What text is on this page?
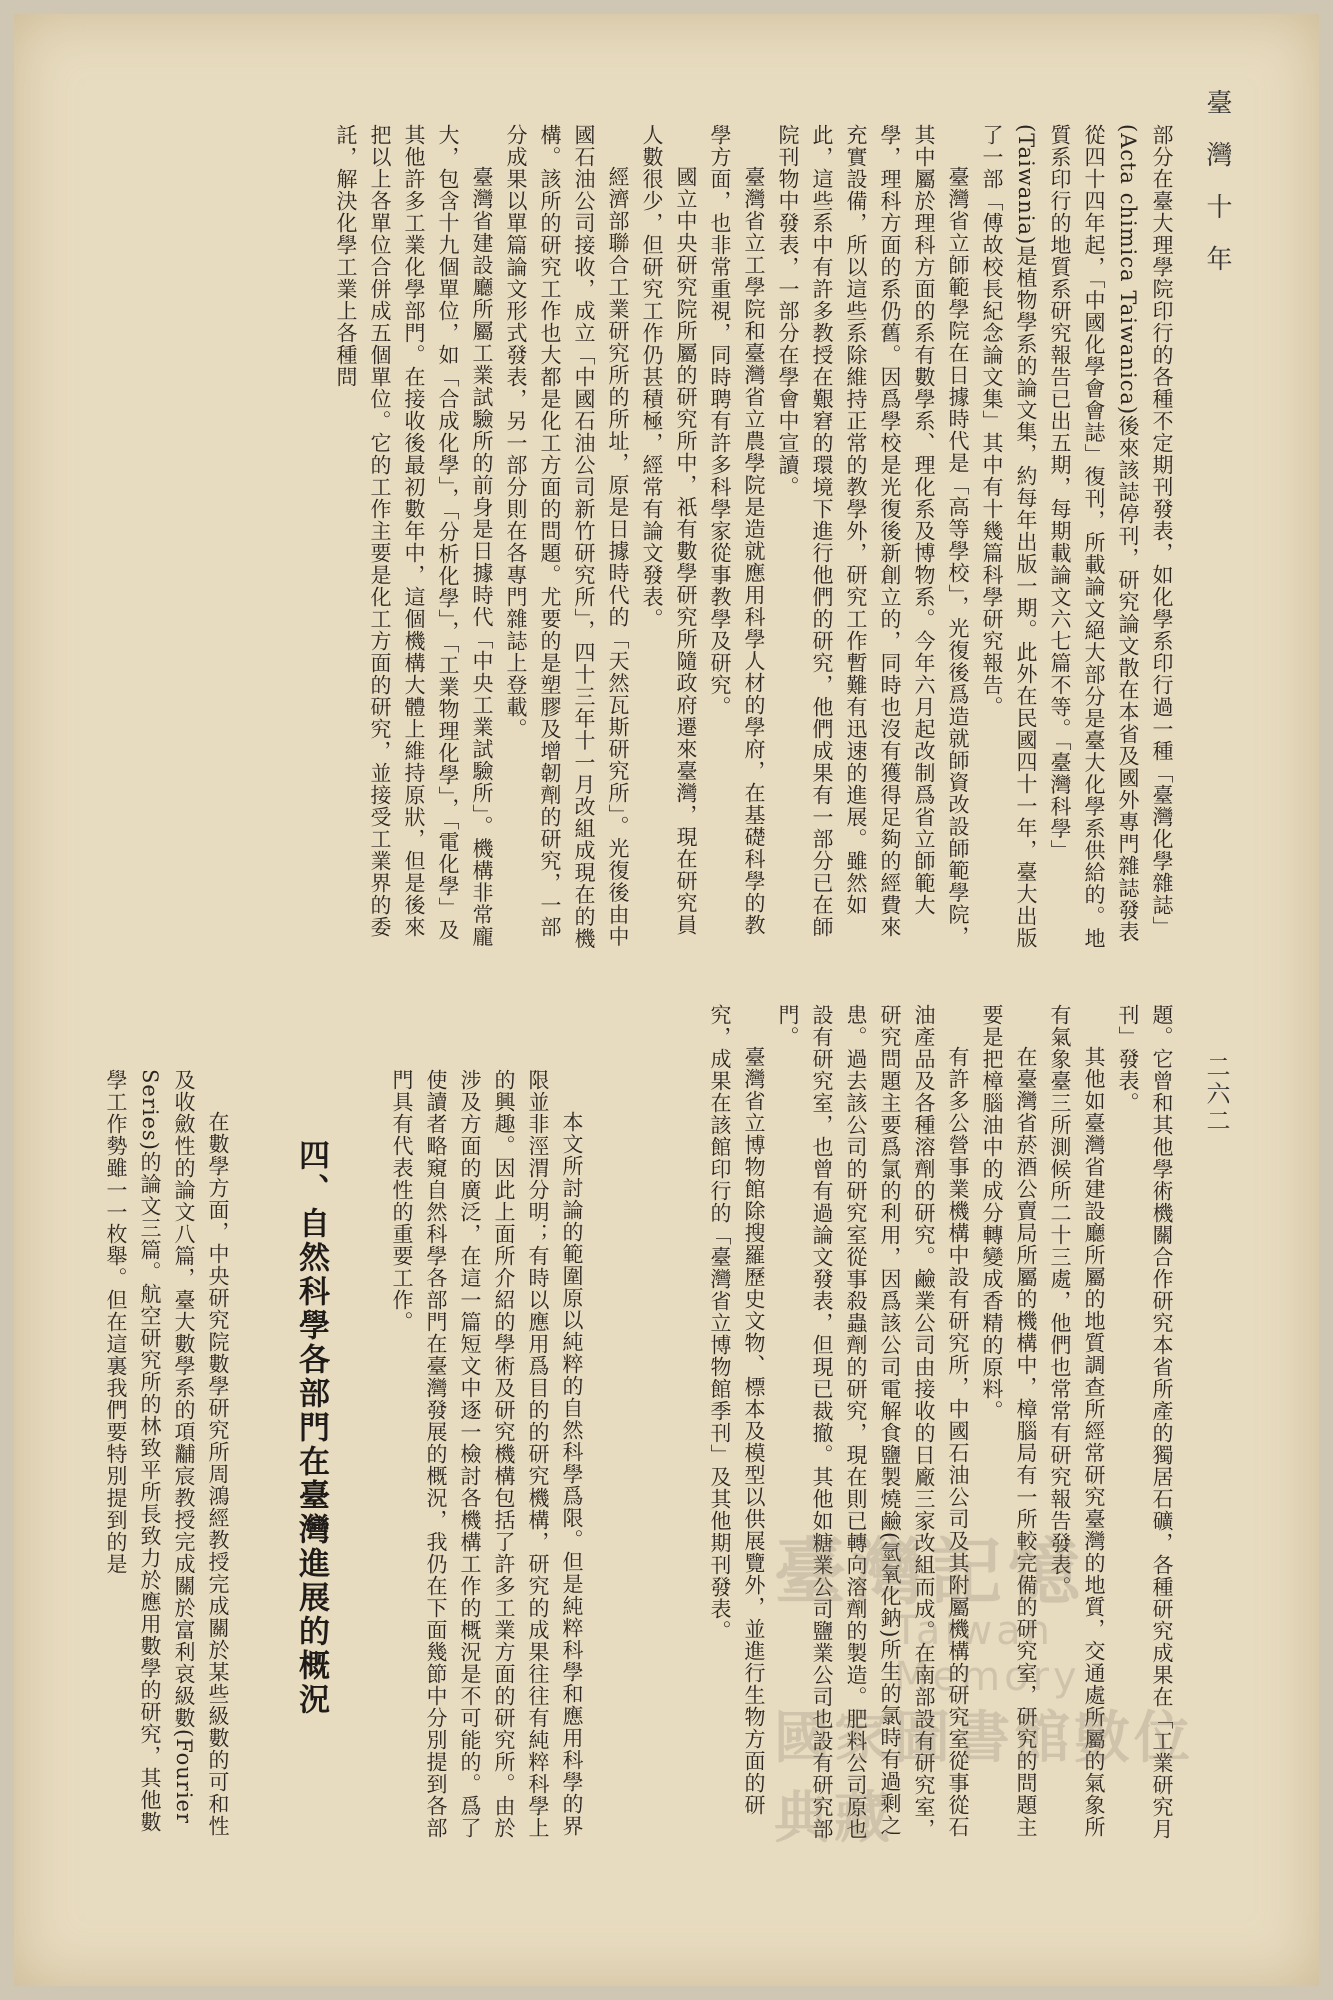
臺灣十年
二六二

部分在臺大理學院印行的各種不定期刊發表，如化學系印行過一種「臺灣化學雜誌」(Acta chimica Taiwanica)後來該誌停刊，研究論文散在本省及國外專門雜誌發表從四十四年起，「中國化學會會誌」復刊，所載論文絕大部分是臺大化學系供給的。地質系印行的地質系研究報告已出五期，每期載論文六七篇不等。「臺灣科學」(Taiwania)是植物學系的論文集，約每年出版一期。此外在民國四十一年，臺大出版了一部「傅故校長紀念論文集」其中有十幾篇科學研究報告。

臺灣省立師範學院在日據時代是「高等學校」，光復後爲造就師資改設師範學院，其中屬於理科方面的系有數學系、理化系及博物系。今年六月起改制爲省立師範大學，理科方面的系仍舊。因爲學校是光復後新創立的，同時也沒有獲得足夠的經費來充實設備，所以這些系除維持正常的教學外，研究工作暫難有迅速的進展。雖然如此，這些系中有許多教授在艱窘的環境下進行他們的研究，他們成果有一部分已在師院刊物中發表，一部分在學會中宣讀。

臺灣省立工學院和臺灣省立農學院是造就應用科學人材的學府，在基礎科學的教學方面，也非常重視，同時聘有許多科學家從事教學及研究。

國立中央研究院所屬的研究所中，祇有數學研究所隨政府遷來臺灣，現在研究員人數很少，但研究工作仍甚積極，經常有論文發表。

經濟部聯合工業研究所的所址，原是日據時代的「天然瓦斯研究所」。光復後由中國石油公司接收，成立「中國石油公司新竹研究所」，四十三年十一月改組成現在的機構。該所的研究工作也大都是化工方面的問題。尤要的是塑膠及增韌劑的研究，一部分成果以單篇論文形式發表，另一部分則在各專門雜誌上登載。

臺灣省建設廳所屬工業試驗所的前身是日據時代「中央工業試驗所」。機構非常龐大，包含十九個單位，如「合成化學」，「分析化學」，「工業物理化學」，「電化學」及其他許多工業化學部門。在接收後最初數年中，這個機構大體上維持原狀，但是後來把以上各單位合併成五個單位。它的工作主要是化工方面的研究，並接受工業界的委託，解決化學工業上各種問

題。它曾和其他學術機關合作研究本省所產的獨居石礦，各種研究成果在「工業研究月刊」發表。

其他如臺灣省建設廳所屬的地質調查所經常研究臺灣的地質，交通處所屬的氣象所有氣象臺三所測候所二十三處，他們也常常有研究報告發表。

在臺灣省菸酒公賣局所屬的機構中，樟腦局有一所較完備的研究室，研究的問題主要是把樟腦油中的成分轉變成香精的原料。

有許多公營事業機構中設有研究所，中國石油公司及其附屬機構的研究室從事從石油產品及各種溶劑的研究。鹼業公司由接收的日廠三家改組而成。在南部設有研究室，研究問題主要爲氯的利用，因爲該公司電解食鹽製燒鹼(氫氧化鈉)所生的氯時有過剩之患。過去該公司的研究室從事殺蟲劑的研究，現在則已轉向溶劑的製造。肥料公司原也設有研究室，也曾有過論文發表，但現已裁撤。其他如糖業公司鹽業公司也設有研究部門。

臺灣省立博物館除搜羅歷史文物、標本及模型以供展覽外，並進行生物方面的研究，成果在該館印行的「臺灣省立博物館季刊」及其他期刊發表。

本文所討論的範圍原以純粹的自然科學爲限。但是純粹科學和應用科學的界限並非涇渭分明；有時以應用爲目的的研究機構，研究的成果往往有純粹科學上的興趣。因此上面所介紹的學術及研究機構包括了許多工業方面的研究所。由於涉及方面的廣泛，在這一篇短文中逐一檢討各機構工作的概況是不可能的。爲了使讀者略窺自然科學各部門在臺灣發展的概況，我仍在下面幾節中分別提到各部門具有代表性的重要工作。

在數學方面，中央研究院數學研究所周鴻經教授完成關於某些級數的可和性及收斂性的論文八篇，臺大數學系的項黼宸教授完成關於富利哀級數(Fourier Series)的論文三篇。航空研究所的林致平所長致力於應用數學的研究，其他數學工作勢雖一一枚舉。但在這裏我們要特別提到的是	四、自然科學各部門在臺灣進展的概況	臺灣記憶
Taiwan Memory
國家圖書館數位典藏
